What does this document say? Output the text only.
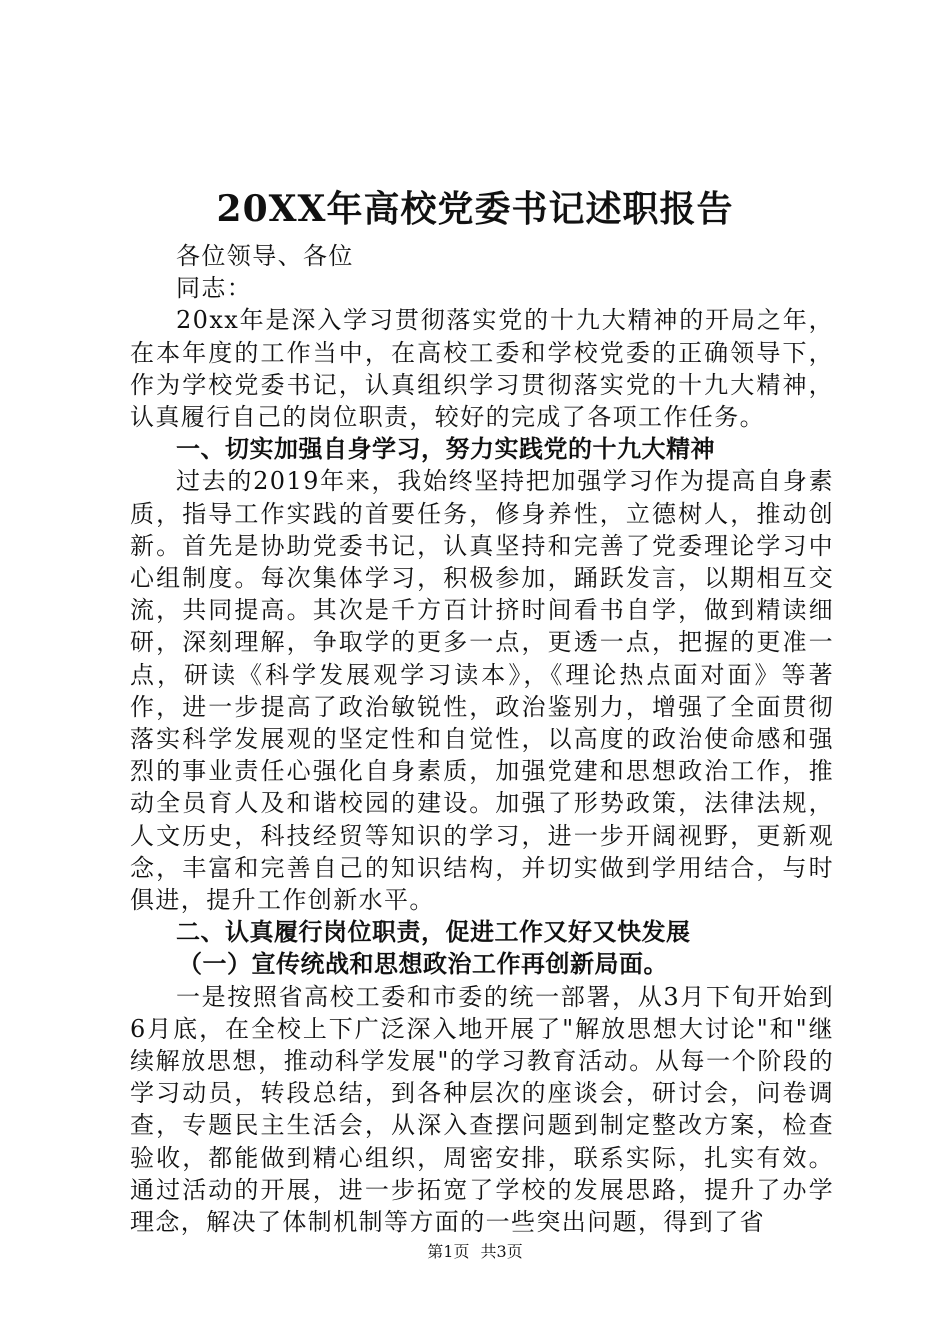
20XX年高校党委书记述职报告

各位领导、各位

同志：

20xx年是深入学习贯彻落实党的十九大精神的开局之年，在本年度的工作当中，在高校工委和学校党委的正确领导下，作为学校党委书记，认真组织学习贯彻落实党的十九大精神，认真履行自己的岗位职责，较好的完成了各项工作任务。

一、切实加强自身学习，努力实践党的十九大精神

过去的2019年来，我始终坚持把加强学习作为提高自身素质，指导工作实践的首要任务，修身养性，立德树人，推动创新。首先是协助党委书记，认真坚持和完善了党委理论学习中心组制度。每次集体学习，积极参加，踊跃发言，以期相互交流，共同提高。其次是千方百计挤时间看书自学，做到精读细研，深刻理解，争取学的更多一点，更透一点，把握的更准一点，研读《科学发展观学习读本》，《理论热点面对面》等著作，进一步提高了政治敏锐性，政治鉴别力，增强了全面贯彻落实科学发展观的坚定性和自觉性，以高度的政治使命感和强烈的事业责任心强化自身素质，加强党建和思想政治工作，推动全员育人及和谐校园的建设。加强了形势政策，法律法规，人文历史，科技经贸等知识的学习，进一步开阔视野，更新观念，丰富和完善自己的知识结构，并切实做到学用结合，与时俱进，提升工作创新水平。

二、认真履行岗位职责，促进工作又好又快发展

（一）宣传统战和思想政治工作再创新局面。

一是按照省高校工委和市委的统一部署，从3月下旬开始到6月底，在全校上下广泛深入地开展了"解放思想大讨论"和"继续解放思想，推动科学发展"的学习教育活动。从每一个阶段的学习动员，转段总结，到各种层次的座谈会，研讨会，问卷调查，专题民主生活会，从深入查摆问题到制定整改方案，检查验收，都能做到精心组织，周密安排，联系实际，扎实有效。通过活动的开展，进一步拓宽了学校的发展思路，提升了办学理念，解决了体制机制等方面的一些突出问题，得到了省

第1页 共3页
